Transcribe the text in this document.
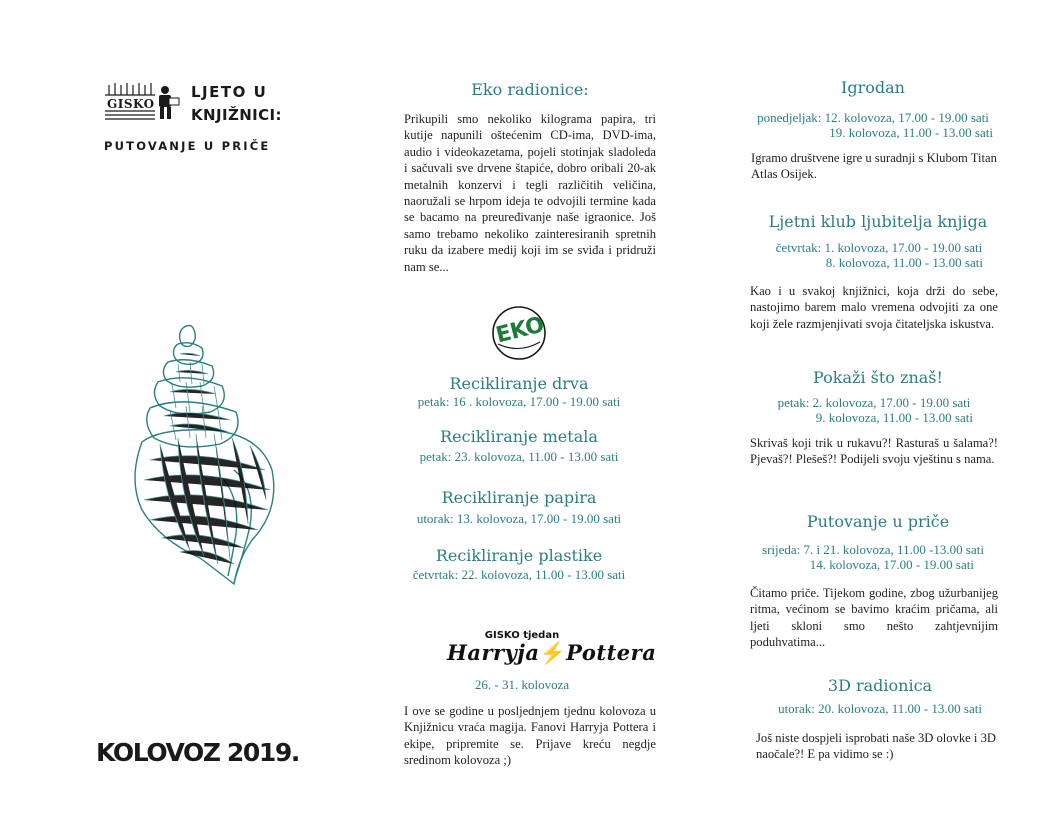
GISKO
LJETO U
KNJIŽNICI:
PUTOVANJE U PRIČE
KOLOVOZ 2019.
Eko radionice:
Prikupili smo nekoliko kilograma papira, tri kutije napunili oštećenim CD-ima, DVD-ima, audio i videokazetama, pojeli stotinjak sladoleda i sačuvali sve drvene štapiće, dobro oribali 20-ak metalnih konzervi i tegli različitih veličina, naoružali se hrpom ideja te odvojili termine kada se bacamo na preuređivanje naše igraonice. Još samo trebamo nekoliko zainteresiranih spretnih ruku da izabere medij koji im se sviđa i pridruži nam se...
EKO
Recikliranje drva
petak: 16 . kolovoza, 17.00 - 19.00 sati
Recikliranje metala
petak: 23. kolovoza, 11.00 - 13.00 sati
Recikliranje papira
utorak: 13. kolovoza, 17.00 - 19.00 sati
Recikliranje plastike
četvrtak: 22. kolovoza, 11.00 - 13.00 sati
GISKO tjedan
Harryja⚡Pottera
26. - 31. kolovoza
I ove se godine u posljednjem tjednu kolovoza u Knjižnicu vraća magija. Fanovi Harryja Pottera i ekipe, pripremite se. Prijave kreću negdje sredinom kolovoza ;)
Igrodan
ponedjeljak: 12. kolovoza, 17.00 - 19.00 sati
19. kolovoza, 11.00 - 13.00 sati
Igramo društvene igre u suradnji s Klubom Titan Atlas Osijek.
Ljetni klub ljubitelja knjiga
četvrtak: 1. kolovoza, 17.00 - 19.00 sati
8. kolovoza, 11.00 - 13.00 sati
Kao i u svakoj knjižnici, koja drži do sebe, nastojimo barem malo vremena odvojiti za one koji žele razmjenjivati svoja čitateljska iskustva.
Pokaži što znaš!
petak: 2. kolovoza, 17.00 - 19.00 sati
9. kolovoza, 11.00 - 13.00 sati
Skrivaš koji trik u rukavu?! Rasturaš u šalama?! Pjevaš?! Plešeš?! Podijeli svoju vještinu s nama.
Putovanje u priče
srijeda: 7. i 21. kolovoza, 11.00 -13.00 sati
14. kolovoza, 17.00 - 19.00 sati
Čitamo priče. Tijekom godine, zbog užurbanijeg ritma, većinom se bavimo kraćim pričama, ali ljeti skloni smo nešto zahtjevnijim poduhvatima...
3D radionica
utorak: 20. kolovoza, 11.00 - 13.00 sati
Još niste dospjeli isprobati naše 3D olovke i 3D naočale?! E pa vidimo se :)
